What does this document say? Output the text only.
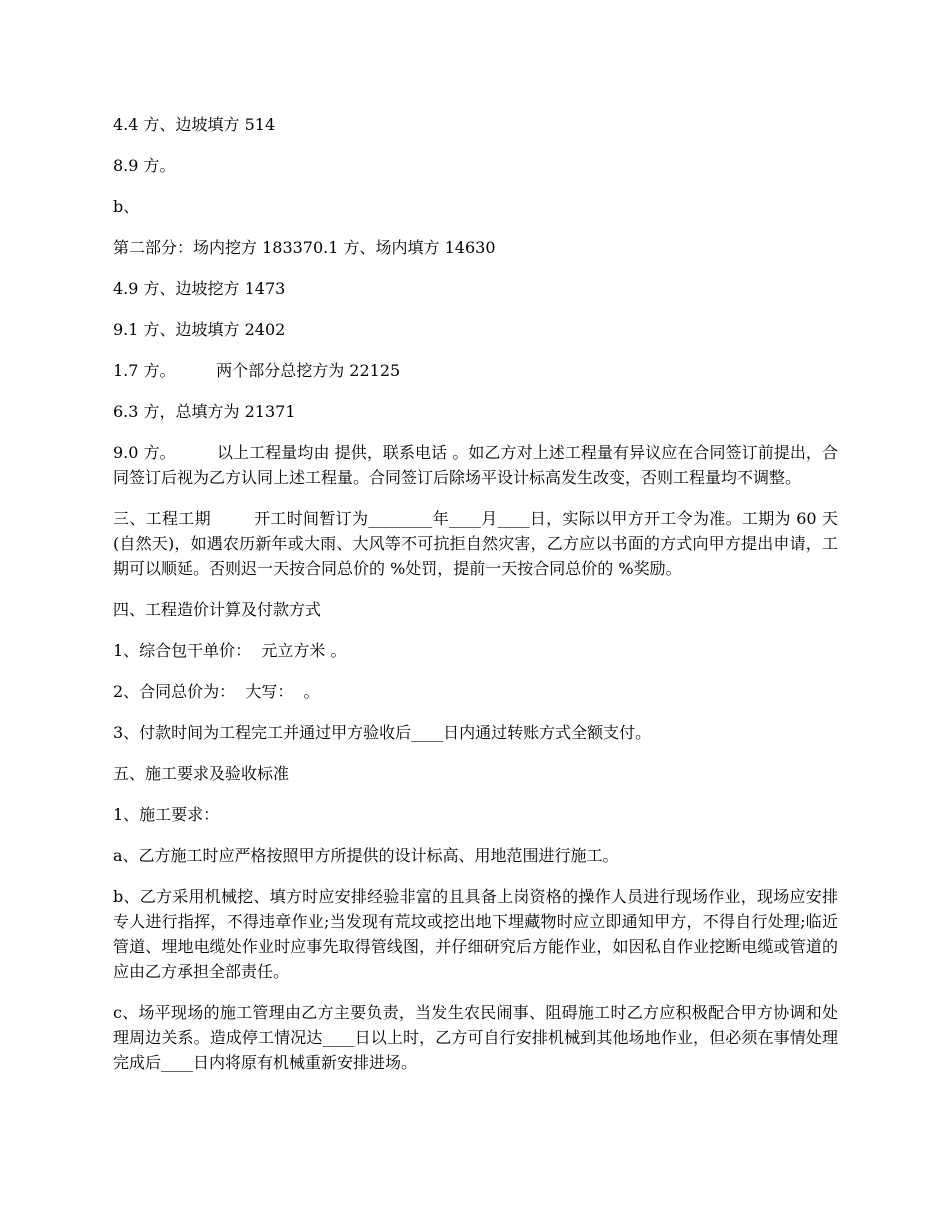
4.4 方、边坡填方 514

8.9 方。

b、

第二部分：场内挖方 183370.1 方、场内填方 14630

4.9 方、边坡挖方 1473

9.1 方、边坡填方 2402

1.7 方。        两个部分总挖方为 22125

6.3 方，总填方为 21371

9.0 方。        以上工程量均由 提供，联系电话 。如乙方对上述工程量有异议应在合同签订前提出，合同签订后视为乙方认同上述工程量。合同签订后除场平设计标高发生改变，否则工程量均不调整。

三、工程工期        开工时间暂订为________年____月____日，实际以甲方开工令为准。工期为 60 天(自然天)，如遇农历新年或大雨、大风等不可抗拒自然灾害，乙方应以书面的方式向甲方提出申请，工期可以顺延。否则迟一天按合同总价的 %处罚，提前一天按合同总价的 %奖励。

四、工程造价计算及付款方式

1、综合包干单价：  元立方米 。

2、合同总价为：  大写：  。

3、付款时间为工程完工并通过甲方验收后____日内通过转账方式全额支付。

五、施工要求及验收标准

1、施工要求：

a、乙方施工时应严格按照甲方所提供的设计标高、用地范围进行施工。

b、乙方采用机械挖、填方时应安排经验非富的且具备上岗资格的操作人员进行现场作业，现场应安排专人进行指挥，不得违章作业;当发现有荒坟或挖出地下埋藏物时应立即通知甲方，不得自行处理;临近管道、埋地电缆处作业时应事先取得管线图，并仔细研究后方能作业，如因私自作业挖断电缆或管道的应由乙方承担全部责任。

c、场平现场的施工管理由乙方主要负责，当发生农民闹事、阻碍施工时乙方应积极配合甲方协调和处理周边关系。造成停工情况达____日以上时，乙方可自行安排机械到其他场地作业，但必须在事情处理完成后____日内将原有机械重新安排进场。
